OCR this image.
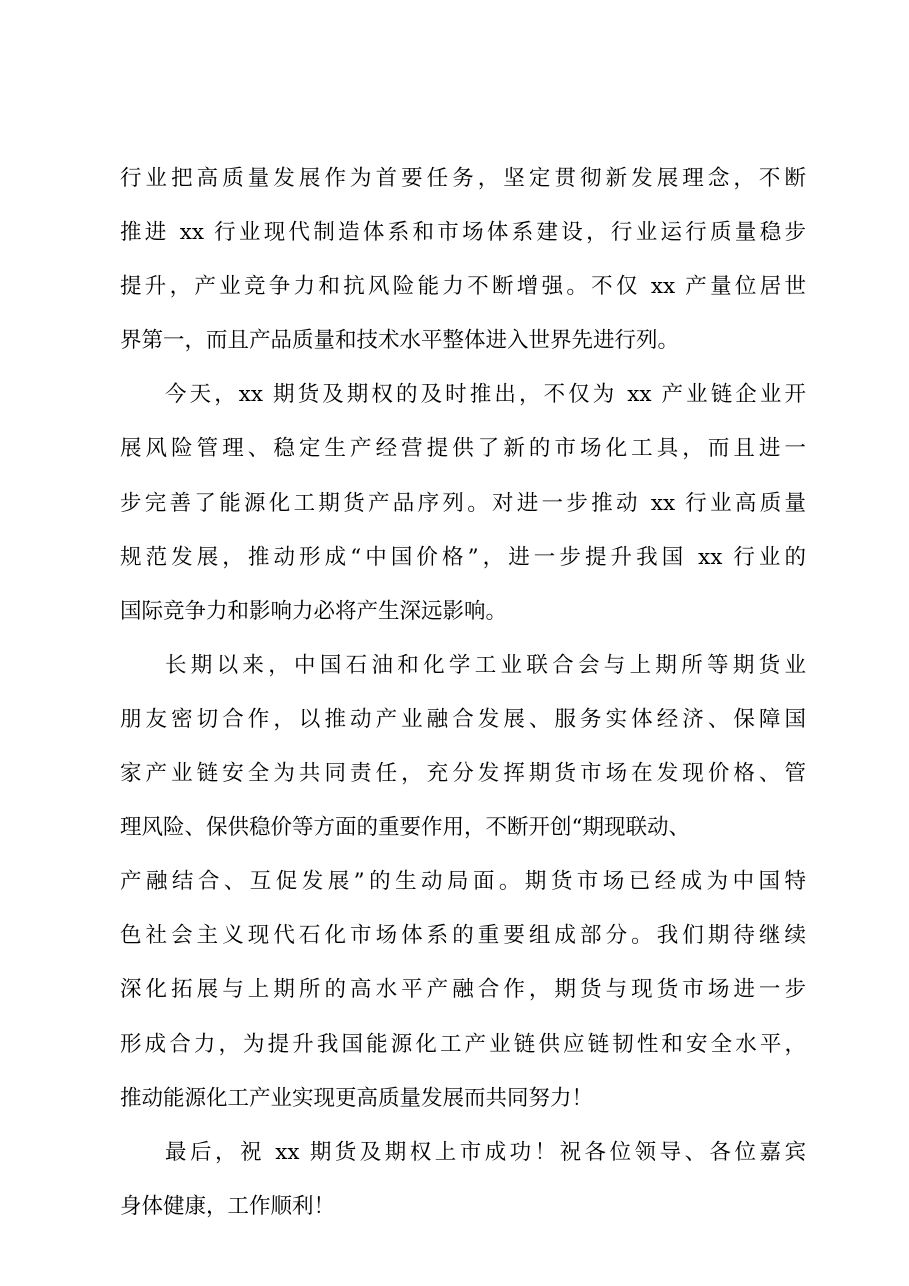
行业把高质量发展作为首要任务，坚定贯彻新发展理念，不断
推进 xx 行业现代制造体系和市场体系建设，行业运行质量稳步
提升，产业竞争力和抗风险能力不断增强。不仅 xx 产量位居世
界第一，而且产品质量和技术水平整体进入世界先进行列。
今天，xx 期货及期权的及时推出，不仅为 xx 产业链企业开
展风险管理、稳定生产经营提供了新的市场化工具，而且进一
步完善了能源化工期货产品序列。对进一步推动 xx 行业高质量
规范发展，推动形成“中国价格”，进一步提升我国 xx 行业的
国际竞争力和影响力必将产生深远影响。
长期以来，中国石油和化学工业联合会与上期所等期货业
朋友密切合作，以推动产业融合发展、服务实体经济、保障国
家产业链安全为共同责任，充分发挥期货市场在发现价格、管
理风险、保供稳价等方面的重要作用，不断开创“期现联动、
产融结合、互促发展”的生动局面。期货市场已经成为中国特
色社会主义现代石化市场体系的重要组成部分。我们期待继续
深化拓展与上期所的高水平产融合作，期货与现货市场进一步
形成合力，为提升我国能源化工产业链供应链韧性和安全水平，
推动能源化工产业实现更高质量发展而共同努力！
最后，祝 xx 期货及期权上市成功！祝各位领导、各位嘉宾
身体健康，工作顺利！
